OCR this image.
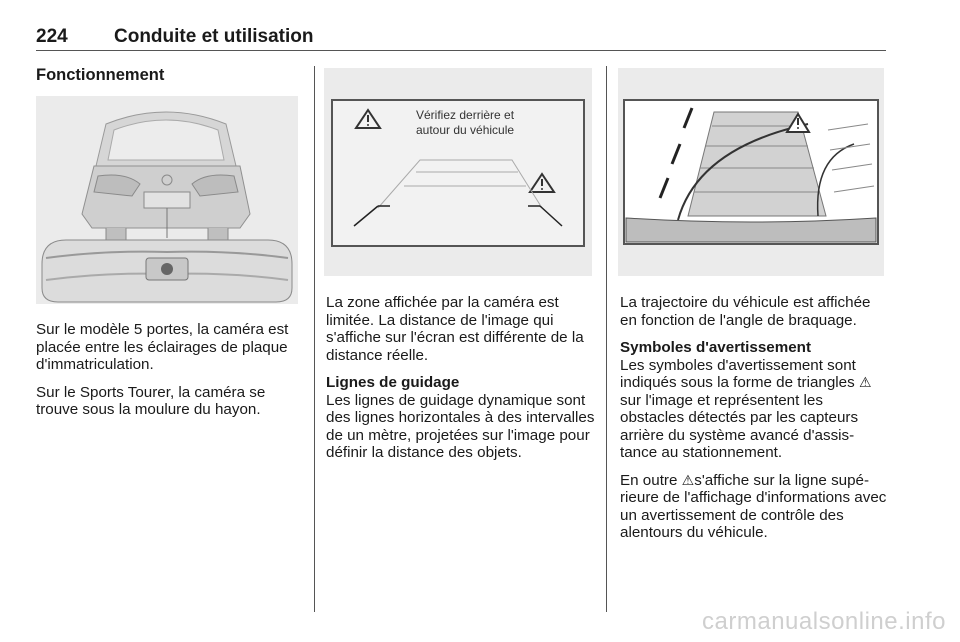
224 Conduite et utilisation
Fonctionnement
Vérifiez derrière et
autour du véhicule

Sur le modèle 5 portes, la caméra est placée entre les éclairages de plaque d'immatriculation.

Sur le Sports Tourer, la caméra se trouve sous la moulure du hayon.

La zone affichée par la caméra est limitée. La distance de l'image qui s'affiche sur l'écran est différente de la distance réelle.

Lignes de guidage
Les lignes de guidage dynamique sont des lignes horizontales à des intervalles de un mètre, projetées sur l'image pour définir la distance des objets.

La trajectoire du véhicule est affichée en fonction de l'angle de braquage.

Symboles d'avertissement
Les symboles d'avertissement sont indiqués sous la forme de triangles ⚠ sur l'image et représentent les obstacles détectés par les capteurs arrière du système avancé d'assis-tance au stationnement.

En outre ⚠s'affiche sur la ligne supé-rieure de l'affichage d'informations avec un avertissement de contrôle des alentours du véhicule.

carmanualsonline.info
